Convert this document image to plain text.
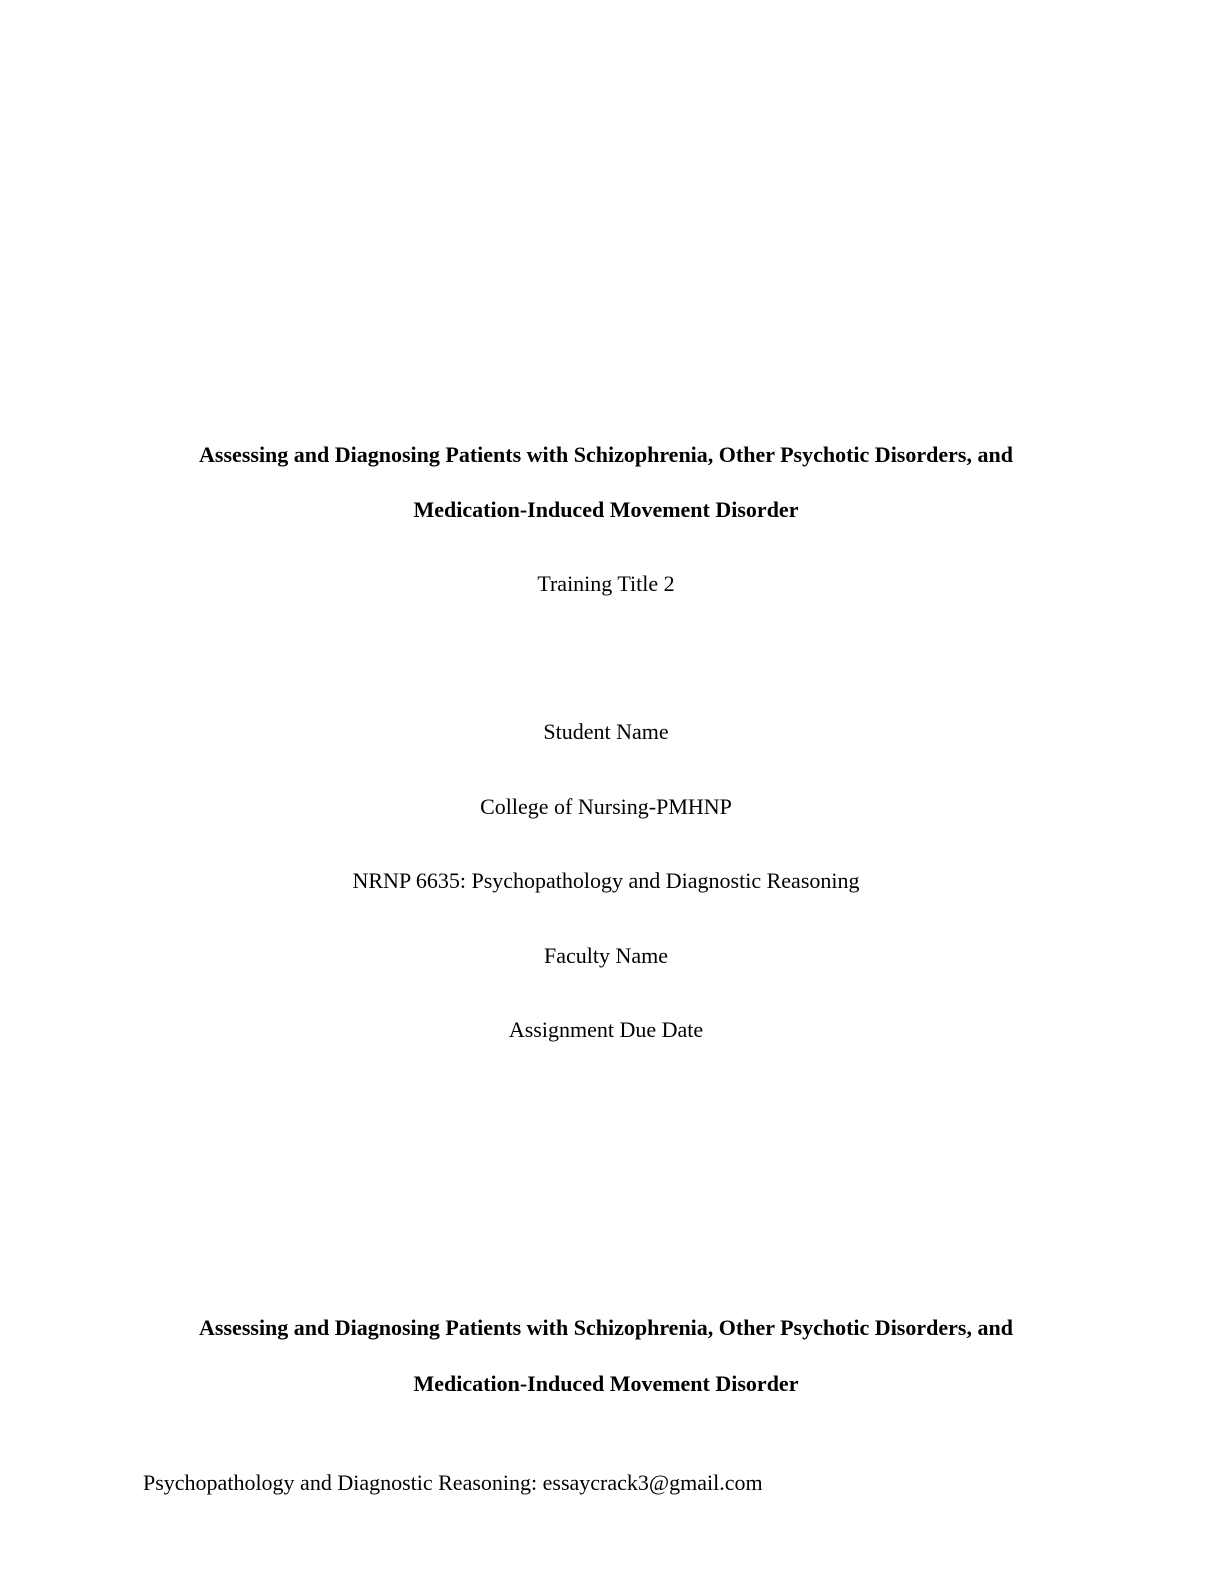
Assessing and Diagnosing Patients with Schizophrenia, Other Psychotic Disorders, and
Medication-Induced Movement Disorder
Training Title 2
Student Name
College of Nursing-PMHNP
NRNP 6635: Psychopathology and Diagnostic Reasoning
Faculty Name
Assignment Due Date
Assessing and Diagnosing Patients with Schizophrenia, Other Psychotic Disorders, and
Medication-Induced Movement Disorder
Psychopathology and Diagnostic Reasoning: essaycrack3@gmail.com
